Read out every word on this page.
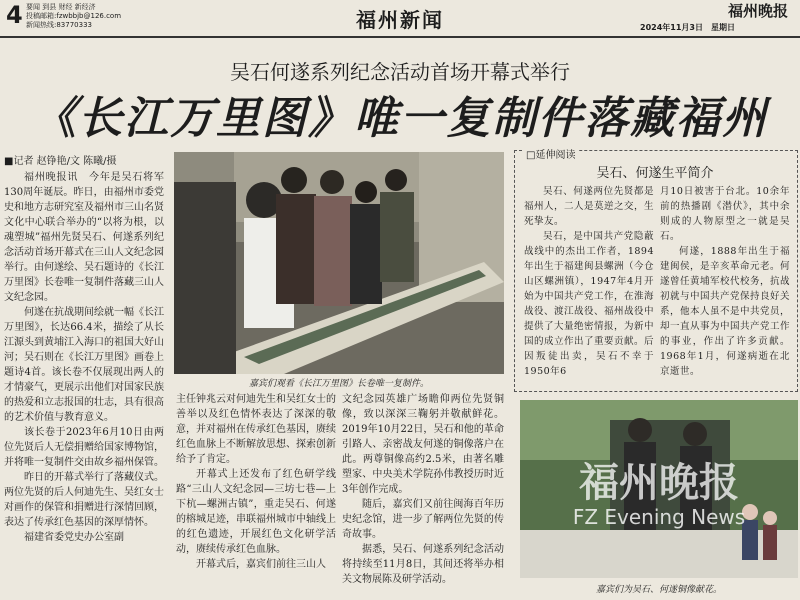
4 要闻 到县 财经 新经济
投稿邮箱:fzwbbjb@126.com
新闻热线:83770333	福州新闻	福州晚报
2024年11月3日　星期日
吴石何遂系列纪念活动首场开幕式举行
《长江万里图》唯一复制件落藏福州
■记者 赵铮艳/文 陈曦/摄

福州晚报讯　今年是吴石将军130周年诞辰。昨日，由福州市委党史和地方志研究室及福州市三山名贤文化中心联合举办的“以将为根，以魂塑城”福州先贤吴石、何遂系列纪念活动首场开幕式在三山人文纪念园举行。由何遂绘、吴石题诗的《长江万里图》长卷唯一复制件落藏三山人文纪念园。

何遂在抗战期间绘就一幅《长江万里图》，长达66.4米，描绘了从长江源头到黄埔江入海口的祖国大好山河；吴石则在《长江万里图》画卷上题诗4首。该长卷不仅展现出两人的才情豪气，更展示出他们对国家民族的热爱和立志报国的壮志，具有很高的艺术价值与教育意义。

该长卷于2023年6月10日由两位先贤后人无偿捐赠给国家博物馆，并将唯一复制件交由故乡福州保管。

昨日的开幕式举行了落藏仪式。两位先贤的后人何迪先生、吴红女士对画作的保管和捐赠进行深情回顾，表达了传承红色基因的深厚情怀。

福建省委党史办公室副

嘉宾们观看《长江万里图》长卷唯一复制件。

主任钟兆云对何迪先生和吴红女士的善举以及红色情怀表达了深深的敬意，并对福州在传承红色基因，赓续红色血脉上不断解放思想、探索创新给予了肯定。

开幕式上还发布了红色研学线路“三山人文纪念园—三坊七巷—上下杭—螺洲古镇”，重走吴石、何遂的榕城足迹，串联福州城市中轴线上的红色遗迹，开展红色文化研学活动，赓续传承红色血脉。

开幕式后，嘉宾们前往三山人

文纪念园英雄广场瞻仰两位先贤铜像，致以深深三鞠躬并敬献鲜花。2019年10月22日，吴石和他的革命引路人、亲密战友何遂的铜像落户在此。两尊铜像高约2.5米，由著名雕塑家、中央美术学院孙伟教授历时近3年创作完成。

随后，嘉宾们又前往闽海百年历史纪念馆，进一步了解两位先贤的传奇故事。

据悉，吴石、何遂系列纪念活动将持续至11月8日，其间还将举办相关文物展陈及研学活动。

□延伸阅读
吴石、何遂生平简介

吴石、何遂两位先贤都是福州人，二人是莫逆之交，生死挚友。

吴石，是中国共产党隐蔽战线中的杰出工作者，1894年出生于福建闽县螺洲（今仓山区螺洲镇），1947年4月开始为中国共产党工作，在淮海战役、渡江战役、福州战役中提供了大量绝密情报，为新中国的成立作出了重要贡献。后因叛徒出卖，吴石不幸于1950年6

月10日被害于台北。10余年前的热播剧《潜伏》，其中余则成的人物原型之一就是吴石。

何遂，1888年出生于福建闽侯，是辛亥革命元老。何遂曾任黄埔军校代校务，抗战初就与中国共产党保持良好关系，他本人虽不是中共党员，却一直从事为中国共产党工作的事业，作出了许多贡献。1968年1月，何遂病逝在北京逝世。

福州晚报
FZ Evening News
嘉宾们为吴石、何遂铜像献花。
